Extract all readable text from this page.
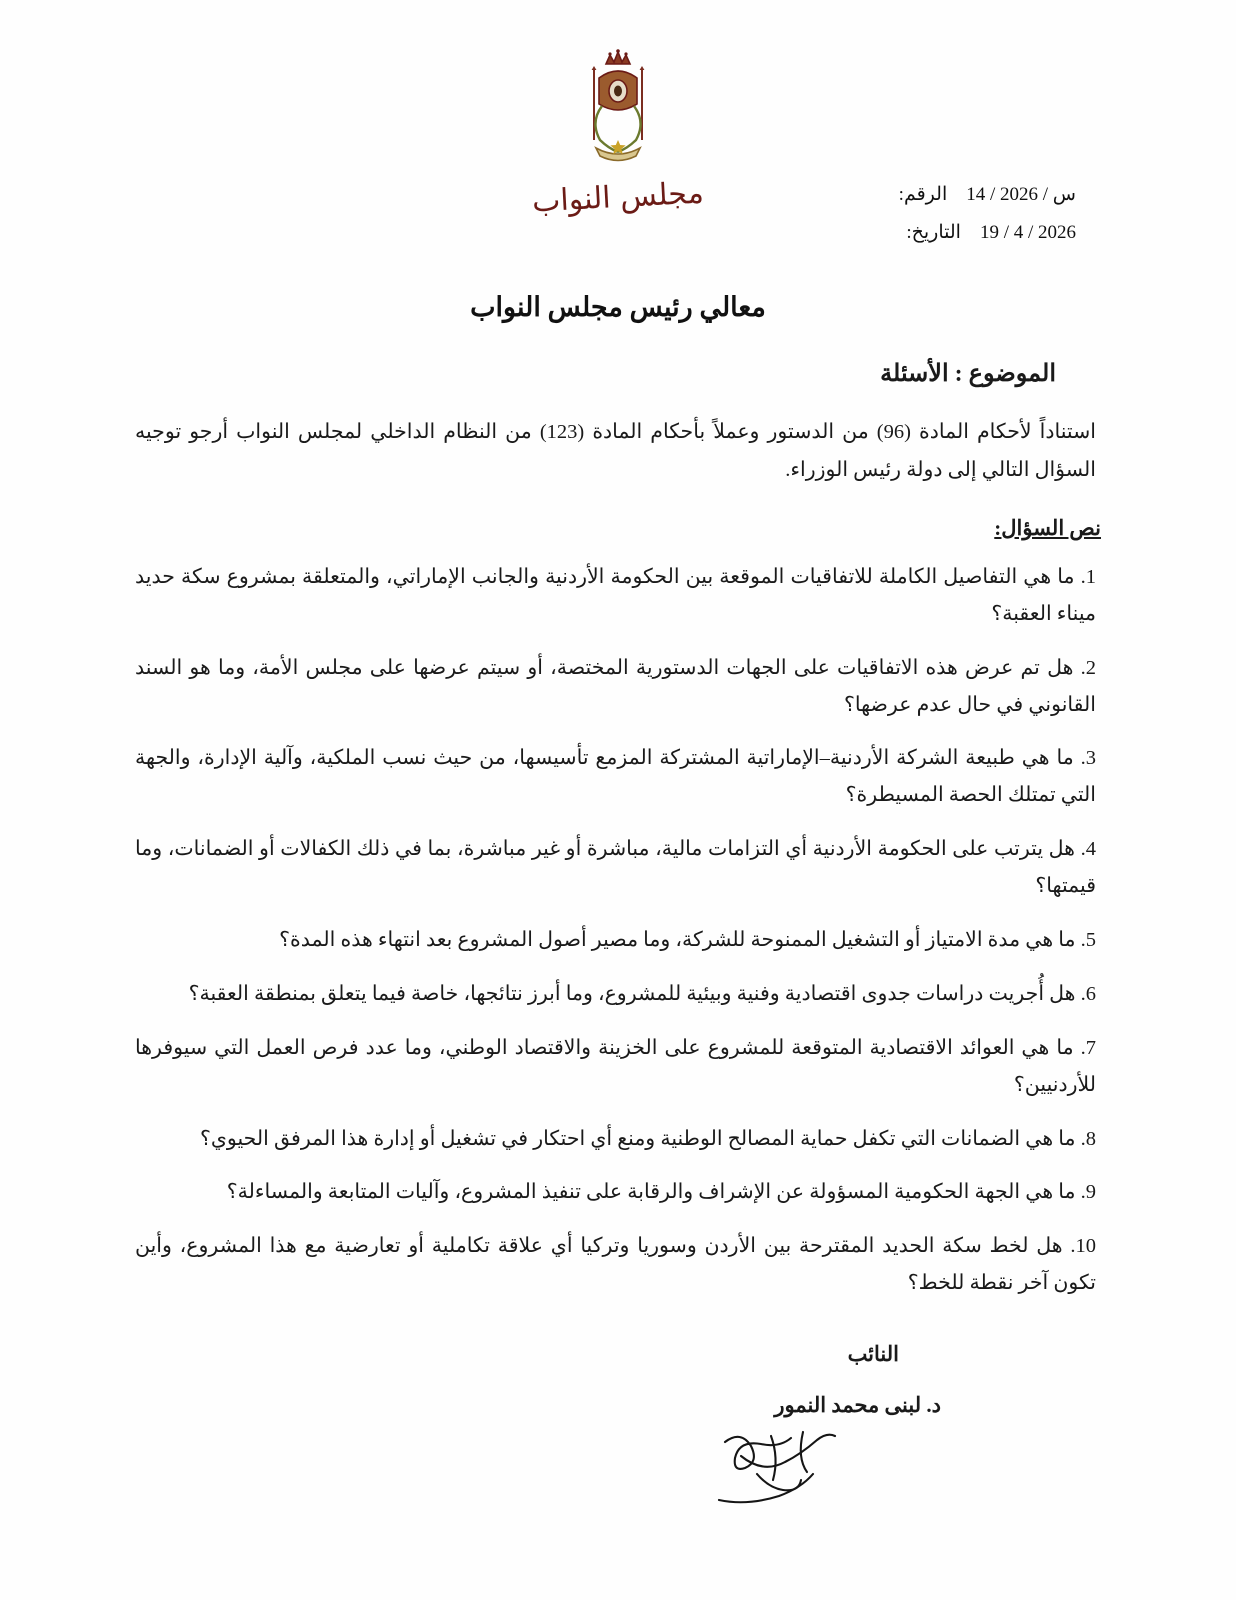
مجلس النواب	14 / س / 2026    الرقم:
19 / 4 / 2026    التاريخ:
معالي رئيس مجلس النواب
الموضوع : الأسئلة

استناداً لأحكام المادة (96) من الدستور وعملاً بأحكام المادة (123) من النظام الداخلي لمجلس النواب أرجو توجيه السؤال التالي إلى دولة رئيس الوزراء.

نص السؤال:
1. ما هي التفاصيل الكاملة للاتفاقيات الموقعة بين الحكومة الأردنية والجانب الإماراتي، والمتعلقة بمشروع سكة حديد ميناء العقبة؟
2. هل تم عرض هذه الاتفاقيات على الجهات الدستورية المختصة، أو سيتم عرضها على مجلس الأمة، وما هو السند القانوني في حال عدم عرضها؟
3. ما هي طبيعة الشركة الأردنية–الإماراتية المشتركة المزمع تأسيسها، من حيث نسب الملكية، وآلية الإدارة، والجهة التي تمتلك الحصة المسيطرة؟
4. هل يترتب على الحكومة الأردنية أي التزامات مالية، مباشرة أو غير مباشرة، بما في ذلك الكفالات أو الضمانات، وما قيمتها؟
5. ما هي مدة الامتياز أو التشغيل الممنوحة للشركة، وما مصير أصول المشروع بعد انتهاء هذه المدة؟
6. هل أُجريت دراسات جدوى اقتصادية وفنية وبيئية للمشروع، وما أبرز نتائجها، خاصة فيما يتعلق بمنطقة العقبة؟
7. ما هي العوائد الاقتصادية المتوقعة للمشروع على الخزينة والاقتصاد الوطني، وما عدد فرص العمل التي سيوفرها للأردنيين؟
8. ما هي الضمانات التي تكفل حماية المصالح الوطنية ومنع أي احتكار في تشغيل أو إدارة هذا المرفق الحيوي؟
9. ما هي الجهة الحكومية المسؤولة عن الإشراف والرقابة على تنفيذ المشروع، وآليات المتابعة والمساءلة؟
10. هل لخط سكة الحديد المقترحة بين الأردن وسوريا وتركيا أي علاقة تكاملية أو تعارضية مع هذا المشروع، وأين تكون آخر نقطة للخط؟
النائب
د. لبنى محمد النمور
